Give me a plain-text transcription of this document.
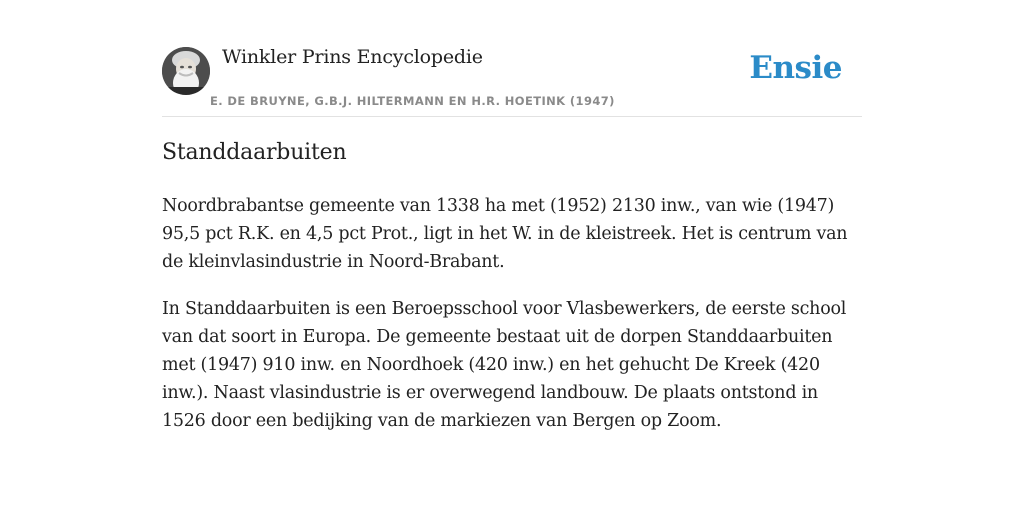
Winkler Prins Encyclopedie
E. DE BRUYNE, G.B.J. HILTERMANN EN H.R. HOETINK (1947)
Ensie
Standdaarbuiten

Noordbrabantse gemeente van 1338 ha met (1952) 2130 inw., van wie (1947) 95,5 pct R.K. en 4,5 pct Prot., ligt in het W. in de kleistreek. Het is centrum van de kleinvlasindustrie in Noord-Brabant.

In Standdaarbuiten is een Beroepsschool voor Vlasbewerkers, de eerste school van dat soort in Europa. De gemeente bestaat uit de dorpen Standdaarbuiten met (1947) 910 inw. en Noordhoek (420 inw.) en het gehucht De Kreek (420 inw.). Naast vlasindustrie is er overwegend landbouw. De plaats ontstond in 1526 door een bedijking van de markiezen van Bergen op Zoom.
